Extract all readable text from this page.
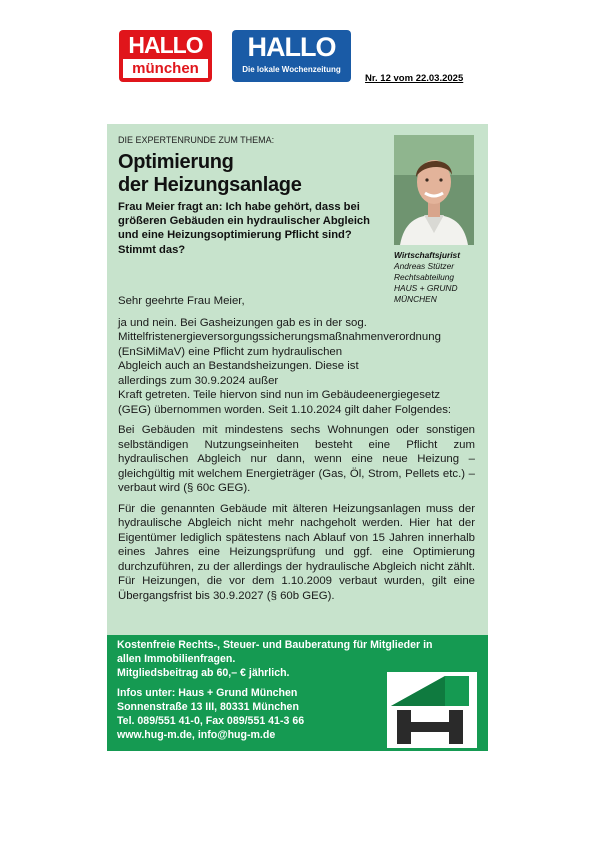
HALLO
münchen
HALLO
Die lokale Wochenzeitung
Nr. 12 vom 22.03.2025
DIE EXPERTENRUNDE ZUM THEMA:
Optimierung
der Heizungsanlage
Frau Meier fragt an: Ich habe gehört, dass bei größeren Gebäuden ein hydraulischer Abgleich und eine Heizungsoptimierung Pflicht sind? Stimmt das?	Wirtschaftsjurist
Andreas Stützer
Rechtsabteilung
HAUS + GRUND
MÜNCHEN

Sehr geehrte Frau Meier,

ja und nein. Bei Gasheizungen gab es in der sog. Mittelfristenergieversorgungssicherungsmaßnahmenverordnung (EnSiMiMaV) eine Pflicht zum hydraulischen Abgleich auch an Bestandsheizungen. Diese ist allerdings zum 30.9.2024 außer

Kraft getreten. Teile hiervon sind nun im Gebäudeenergiegesetz (GEG) übernommen worden. Seit 1.10.2024 gilt daher Folgendes:

Bei Gebäuden mit mindestens sechs Wohnungen oder sonstigen selbständigen Nutzungseinheiten besteht eine Pflicht zum hydraulischen Abgleich nur dann, wenn eine neue Heizung – gleichgültig mit welchem Energieträger (Gas, Öl, Strom, Pellets etc.) – verbaut wird (§ 60c GEG).

Für die genannten Gebäude mit älteren Heizungsanlagen muss der hydraulische Abgleich nicht mehr nachgeholt werden. Hier hat der Eigentümer lediglich spätestens nach Ablauf von 15 Jahren innerhalb eines Jahres eine Heizungsprüfung und ggf. eine Optimierung durchzuführen, zu der allerdings der hydraulische Abgleich nicht zählt. Für Heizungen, die vor dem 1.10.2009 verbaut wurden, gilt eine Übergangsfrist bis 30.9.2027 (§ 60b GEG).

Kostenfreie Rechts-, Steuer- und Bauberatung für Mitglieder in
allen Immobilienfragen.
Mitgliedsbeitrag ab 60,– € jährlich.
Infos unter: Haus + Grund München
Sonnenstraße 13 III, 80331 München
Tel. 089/551 41-0, Fax 089/551 41-3 66
www.hug-m.de, info@hug-m.de
